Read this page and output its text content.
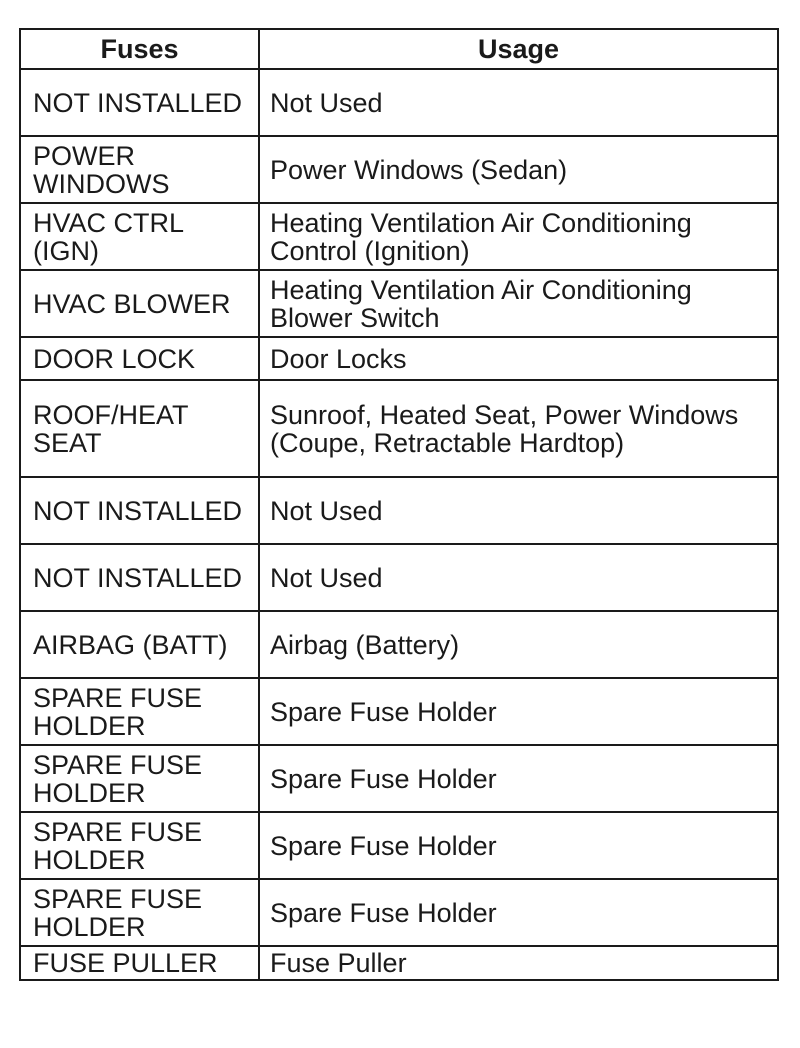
Fuses	Usage
NOT INSTALLED	Not Used
POWER WINDOWS	Power Windows (Sedan)
HVAC CTRL (IGN)	Heating Ventilation Air Conditioning Control (Ignition)
HVAC BLOWER	Heating Ventilation Air Conditioning Blower Switch
DOOR LOCK	Door Locks
ROOF/HEAT SEAT	Sunroof, Heated Seat, Power Windows (Coupe, Retractable Hardtop)
NOT INSTALLED	Not Used
NOT INSTALLED	Not Used
AIRBAG (BATT)	Airbag (Battery)
SPARE FUSE HOLDER	Spare Fuse Holder
SPARE FUSE HOLDER	Spare Fuse Holder
SPARE FUSE HOLDER	Spare Fuse Holder
SPARE FUSE HOLDER	Spare Fuse Holder
FUSE PULLER	Fuse Puller
